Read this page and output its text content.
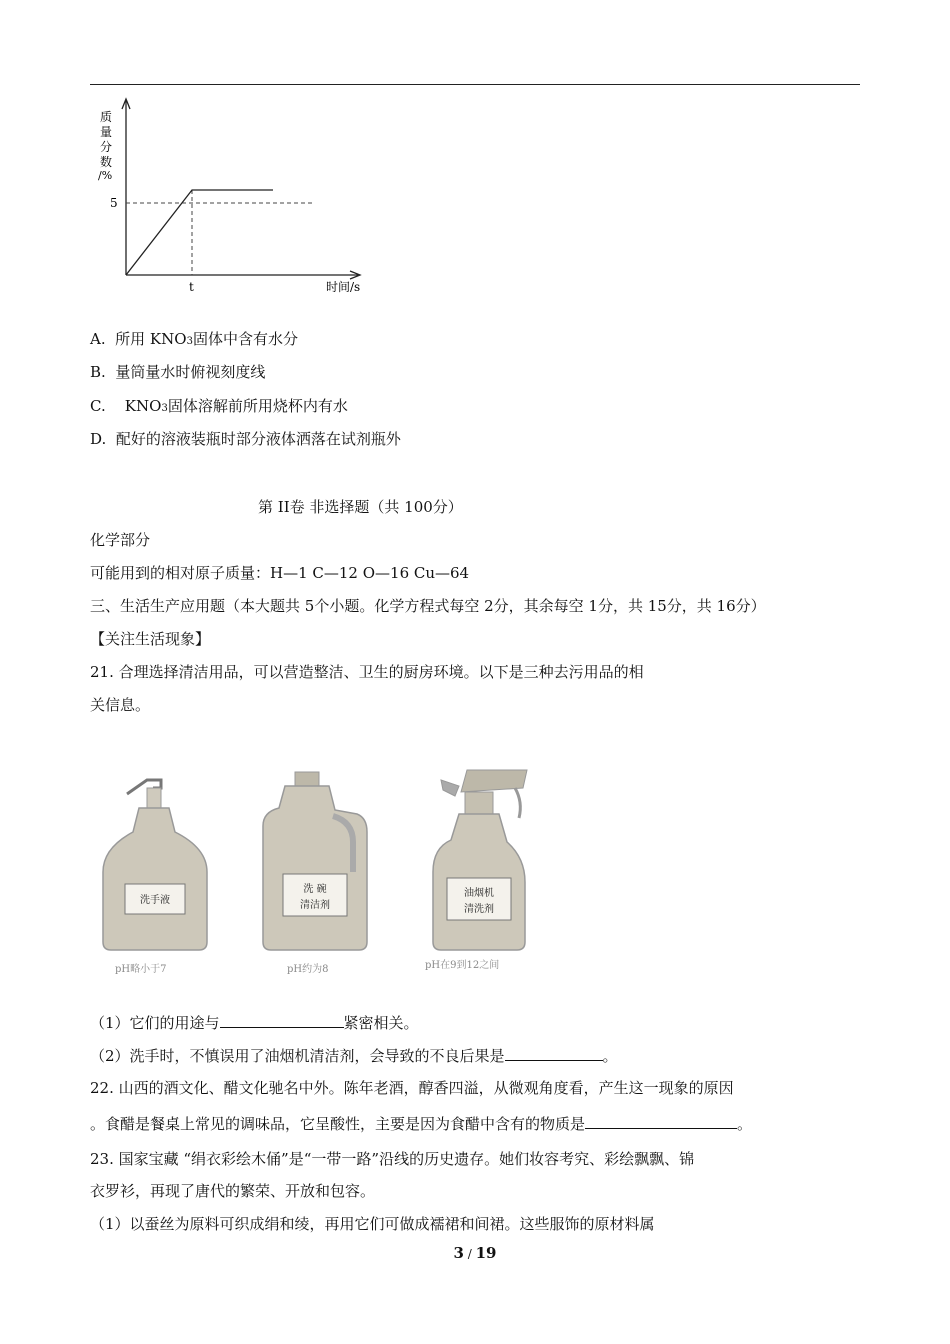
质
量
分
数
/%
5
t	时间/s
A. 所用 KNO3固体中含有水分
B. 量筒量水时俯视刻度线
C. KNO3固体溶解前所用烧杯内有水
D. 配好的溶液装瓶时部分液体洒落在试剂瓶外
第 II卷 非选择题（共 100分）
化学部分
可能用到的相对原子质量：H—1 C—12 O—16 Cu—64
三、生活生产应用题（本大题共 5个小题。化学方程式每空 2分，其余每空 1分，共 15分，共 16分）
【关注生活现象】
21. 合理选择清洁用品，可以营造整洁、卫生的厨房环境。以下是三种去污用品的相
关信息。
洗手液
洗 碗
清洁剂
油烟机
清洗剂
pH略小于7	pH约为8	pH在9到12之间
（1）它们的用途与	紧密相关。
（2）洗手时，不慎误用了油烟机清洁剂，会导致的不良后果是	。
22. 山西的酒文化、醋文化驰名中外。陈年老酒，醇香四溢，从微观角度看，产生这一现象的原因
。食醋是餐桌上常见的调味品，它呈酸性，主要是因为食醋中含有的物质是	。
23. 国家宝藏 “绢衣彩绘木俑”是“一带一路”沿线的历史遗存。她们妆容考究、彩绘飘飘、锦
衣罗衫，再现了唐代的繁荣、开放和包容。
（1）以蚕丝为原料可织成绢和绫，再用它们可做成襦裙和间裙。这些服饰的原材料属
3 / 19
